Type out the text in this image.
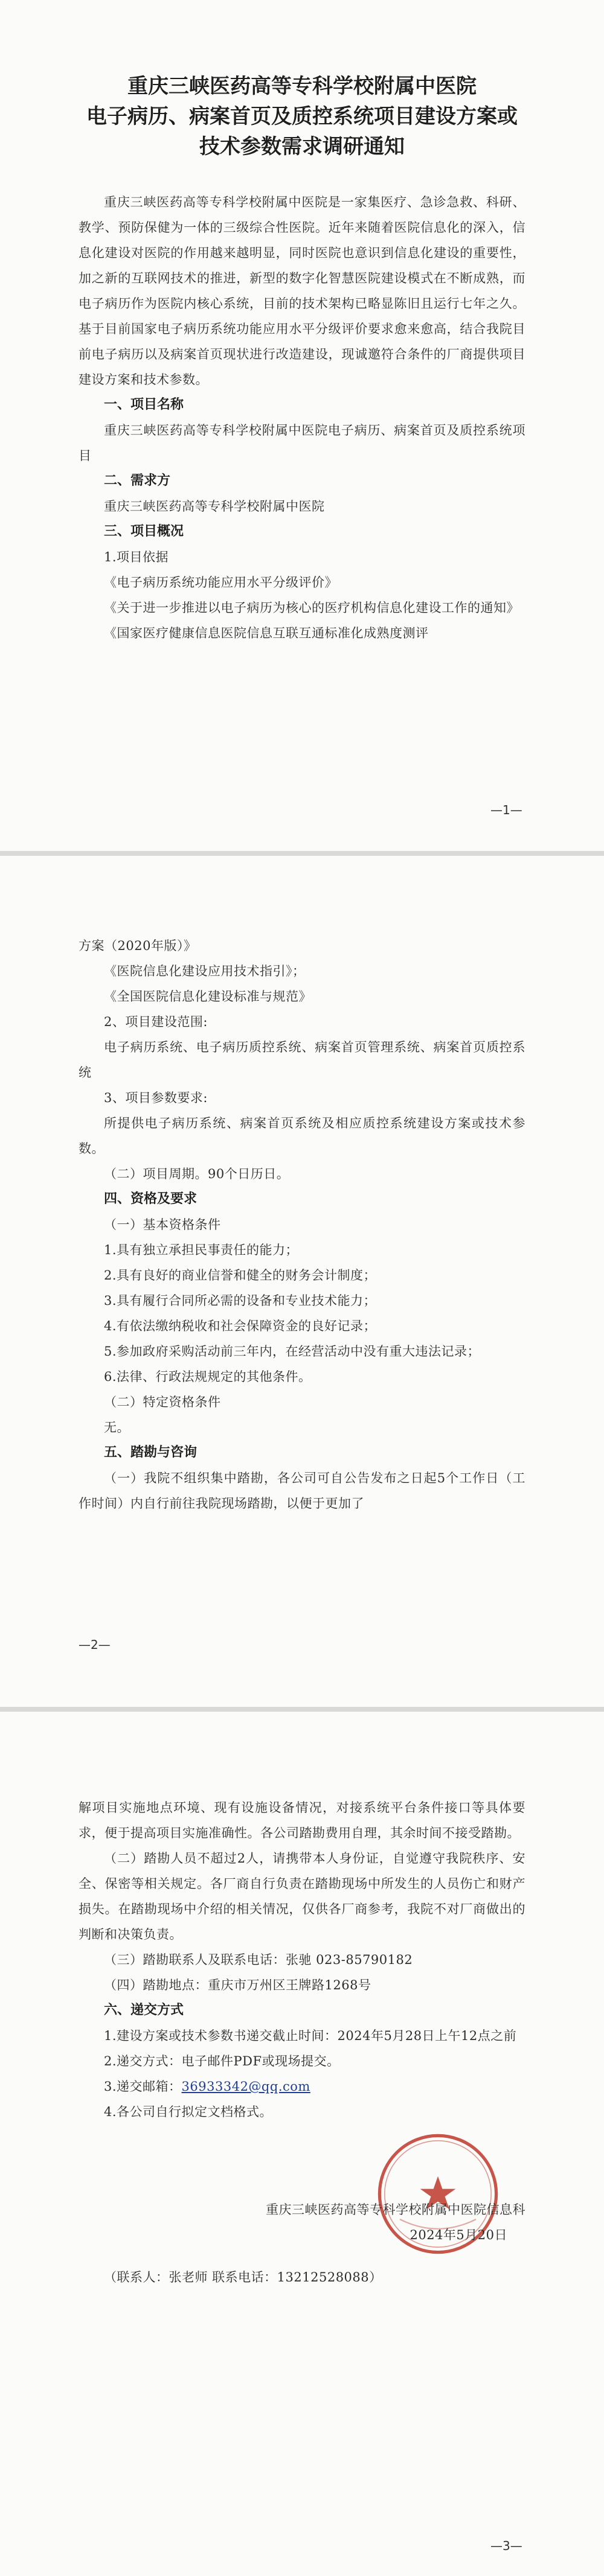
重庆三峡医药高等专科学校附属中医院

电子病历、病案首页及质控系统项目建设方案或

技术参数需求调研通知

重庆三峡医药高等专科学校附属中医院是一家集医疗、急诊急救、科研、教学、预防保健为一体的三级综合性医院。近年来随着医院信息化的深入，信息化建设对医院的作用越来越明显，同时医院也意识到信息化建设的重要性，加之新的互联网技术的推进，新型的数字化智慧医院建设模式在不断成熟，而电子病历作为医院内核心系统，目前的技术架构已略显陈旧且运行七年之久。基于目前国家电子病历系统功能应用水平分级评价要求愈来愈高，结合我院目前电子病历以及病案首页现状进行改造建设，现诚邀符合条件的厂商提供项目建设方案和技术参数。

一、项目名称

重庆三峡医药高等专科学校附属中医院电子病历、病案首页及质控系统项目

二、需求方

重庆三峡医药高等专科学校附属中医院

三、项目概况

1.项目依据

《电子病历系统功能应用水平分级评价》

《关于进一步推进以电子病历为核心的医疗机构信息化建设工作的通知》

《国家医疗健康信息医院信息互联互通标准化成熟度测评

—1—

方案（2020年版）》

《医院信息化建设应用技术指引》；

《全国医院信息化建设标准与规范》

2、项目建设范围:

电子病历系统、电子病历质控系统、病案首页管理系统、病案首页质控系统

3、项目参数要求:

所提供电子病历系统、病案首页系统及相应质控系统建设方案或技术参数。

（二）项目周期。90个日历日。

四、资格及要求

（一）基本资格条件

1.具有独立承担民事责任的能力；

2.具有良好的商业信誉和健全的财务会计制度；

3.具有履行合同所必需的设备和专业技术能力；

4.有依法缴纳税收和社会保障资金的良好记录；

5.参加政府采购活动前三年内，在经营活动中没有重大违法记录；

6.法律、行政法规规定的其他条件。

（二）特定资格条件

无。

五、踏勘与咨询

（一）我院不组织集中踏勘，各公司可自公告发布之日起5个工作日（工作时间）内自行前往我院现场踏勘，以便于更加了

—2—

解项目实施地点环境、现有设施设备情况，对接系统平台条件接口等具体要求，便于提高项目实施准确性。各公司踏勘费用自理，其余时间不接受踏勘。

（二）踏勘人员不超过2人，请携带本人身份证，自觉遵守我院秩序、安全、保密等相关规定。各厂商自行负责在踏勘现场中所发生的人员伤亡和财产损失。在踏勘现场中介绍的相关情况，仅供各厂商参考，我院不对厂商做出的判断和决策负责。

（三）踏勘联系人及联系电话：张驰 023-85790182

（四）踏勘地点：重庆市万州区王牌路1268号

六、递交方式

1.建设方案或技术参数书递交截止时间：2024年5月28日上午12点之前

2.递交方式：电子邮件PDF或现场提交。

3.递交邮箱：36933342@qq.com

4.各公司自行拟定文档格式。

重庆三峡医药高等专科学校附属中医院信息科

2024年5月20日

（联系人：张老师 联系电话：13212528088）

—3—
